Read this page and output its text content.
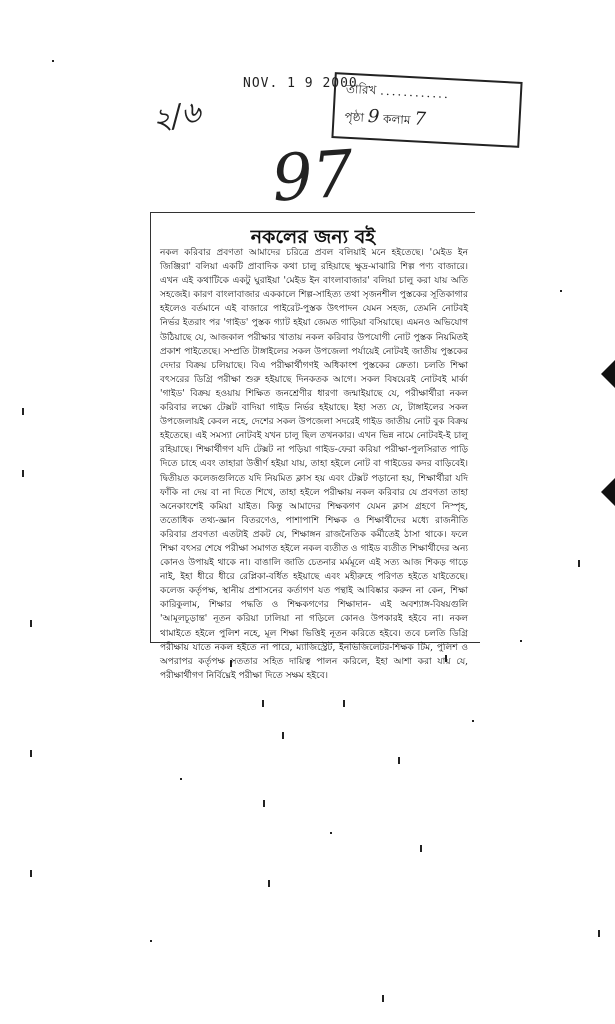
NOV. 1 9 2000
তারিখ ............
পৃষ্ঠা 9 কলাম 7
২/৬
97
নকলের জন্য বই
নকল করিবার প্রবণতা আমাদের চরিত্রে প্রবল বলিয়াই মনে হইতেছে। 'মেইড ইন জিঞ্জিরা' বলিয়া একটি প্রাবাদিক কথা চালু রহিয়াছে ক্ষুদ্র-মাঝারি শিল্প পণ্য বাজারে। এখন এই কথাটিকে একটু ঘুরাইয়া 'মেইড ইন বাংলাবাজার' বলিয়া চালু করা যায় অতি সহজেই। কারণ বাংলাবাজার এককালে শিল্প-সাহিত্য তথা সৃজনশীল পুস্তকের সূতিকাগার হইলেও বর্তমানে এই বাজারে পাইরেট-পুস্তক উৎপাদন যেমন সহজ, তেমনি নোটবই নির্ভর ইতরাং পর 'গাইড' পুস্তক গ্যাট হইয়া জেমত গাড়িয়া বসিয়াছে। এমনও অভিযোগ উঠিয়াছে যে, আজকাল পরীক্ষার খাতায় নকল করিবার উপযোগী নোট পুস্তক নিয়মিতই প্রকাশ পাইতেছে। সম্প্রতি টাঙ্গাইলের সকল উপজেলা পর্যায়েই নোটবই জাতীয় পুস্তকের দেদার বিক্রয় চলিয়াছে। বিএ পরীক্ষার্থীগণই অধিকাংশ পুস্তকের ক্রেতা। চলতি শিক্ষা বৎসরের ডিগ্রি পরীক্ষা শুরু হইয়াছে দিনকতক আগে। সকল বিষয়েরই নোটবই মার্কা 'গাইড' বিক্রয় হওয়ায় শিক্ষিত জনশ্রেণীর ধারণা জন্মাইয়াছে যে, পরীক্ষার্থীরা নকল করিবার লক্ষ্যে টেক্সট বাদিয়া গাইড নির্ভর হইয়াছে। ইহা সত্য যে, টাঙ্গাইলের সকল উপজেলায়ই কেবল নহে, দেশের সকল উপজেলা সদরেই গাইড জাতীয় নোট বুক বিক্রয় হইতেছে। এই সমস্যা নোটবই যখন চালু ছিল তখনকার। এখন ভিন্ন নামে নোটবই-ই চালু রহিয়াছে। শিক্ষার্থীগণ যদি টেক্সট না পড়িয়া গাইড-ফেরা করিয়া পরীক্ষা-পুলসিরাত পাড়ি দিতে চাহে এবং তাহারা উত্তীর্ণ হইয়া যায়, তাহা হইলে নোট বা গাইডের কদর বাড়িবেই। দ্বিতীয়ত কলেজগুলিতে যদি নিয়মিত ক্লাস হয় এবং টেক্সট পড়ানো হয়, শিক্ষার্থীরা যদি ফাঁকি না দেয় বা না দিতে শিখে, তাহা হইলে পরীক্ষায় নকল করিবার যে প্রবণতা তাহা অনেকাংশেই কমিয়া যাইত। কিন্তু আমাদের শিক্ষকগণ যেমন ক্লাস গ্রহণে নিস্পৃহ, ততোধিক তথ্য-জ্ঞান বিতরণেও, পাশাপাশি শিক্ষক ও শিক্ষার্থীদের মধ্যে রাজনীতি করিবার প্রবণতা এতটাই প্রকট যে, শিক্ষাঙ্গন রাজনৈতিক কর্মীতেই ঠাসা থাকে। ফলে শিক্ষা বৎসর শেষে পরীক্ষা সমাগত হইলে নকল ব্যতীত ও গাইড ব্যতীত শিক্ষার্থীদের অন্য কোনও উপায়ই থাকে না। বাঙালি জাতি চেতনার মর্মমূলে এই সত্য আজ শিকড় গাড়ে নাই, ইহা ধীরে ধীরে রেপ্লিকা-বর্ধিত হইয়াছে এবং মহীরুহে পরিণত হইতে যাইতেছে। কলেজ কর্তৃপক্ষ, স্থানীয় প্রশাসনের কর্তাগণ যত পন্থাই আবিষ্কার করুন না কেন, শিক্ষা কারিকুলাম, শিক্ষার পদ্ধতি ও শিক্ষকগণের শিক্ষাদান- এই অবশ্যাঙ্গ-বিষয়গুলি 'আমূলচূড়ান্ত' নূতন করিয়া ঢালিয়া না গড়িলে কোনও উপকারই হইবে না। নকল থামাইতে হইলে পুলিশ নহে, মূল শিক্ষা ভিত্তিই নূতন করিতে হইবে। তবে চলতি ডিগ্রি পরীক্ষায় যাতে নকল হইতে না পারে, ম্যাজিস্ট্রেট, ইনভিজিলেটর-শিক্ষক টিম, পুলিশ ও অপরাপর কর্তৃপক্ষ সততার সহিত দায়িত্ব পালন করিলে, ইহা আশা করা যায় যে, পরীক্ষার্থীগণ নির্বিঘ্নেই পরীক্ষা দিতে সক্ষম হইবে।
